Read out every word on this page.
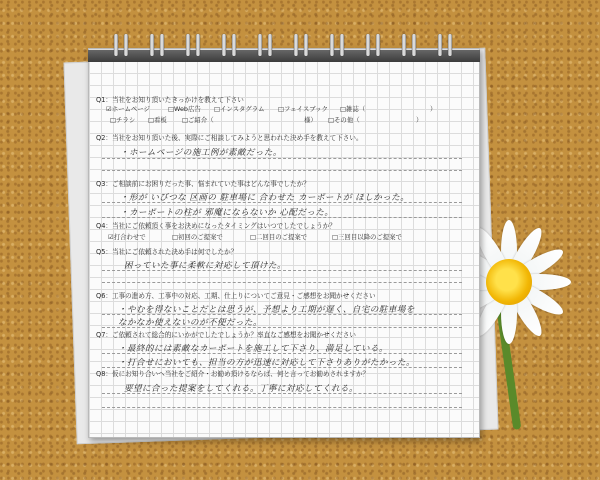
Q1：当社をお知り頂いたきっかけを教えて下さい
☑ホームページ	□Web広告 □インスタグラム □フェイスブック □雑誌（	）
□チラシ □看板 □ご紹介（	様） □その他（	）
Q2：当社をお知り頂いた後、実際にご相談してみようと思われた決め手を教えて下さい。
・ホームページの施工例が素敵だった。
Q3：ご相談前にお困りだった事、悩まれていた事はどんな事でしたか？
・形が いびつな 区画の 駐車場に 合わせた カーポートが ほしかった。
・カーポートの柱が 邪魔にならないか 心配だった。
Q4：当社にご依頼頂く事をお決めになったタイミングはいつでしたでしょうか？
☑打合わせで	□初回のご提案で	□二回目のご提案で	□三回目以降のご提案で
Q5：当社にご依頼された決め手は何でしたか？
困っていた事に柔軟に対応して頂けた。
Q6：工事の進め方、工事中の対応、工期、仕上りについてご意見・ご感想をお聞かせください
・やむを得ないことだとは思うが、予想より工期が遅く、自宅の駐車場を
なかなか使えないのが不便だった。
Q7：ご依頼されて総合的にいかがでしたでしょうか？率直なご感想をお聞かせください
・最終的には素敵なカーポートを施工して下さり、満足している。
・打合せにおいても、担当の方が迅速に対応して下さりありがたかった。
Q8：仮にお知り合いへ当社をご紹介・お勧め頂けるならば、何と言ってお勧めされますか？
要望に合った提案をしてくれる。丁寧に対応してくれる。
